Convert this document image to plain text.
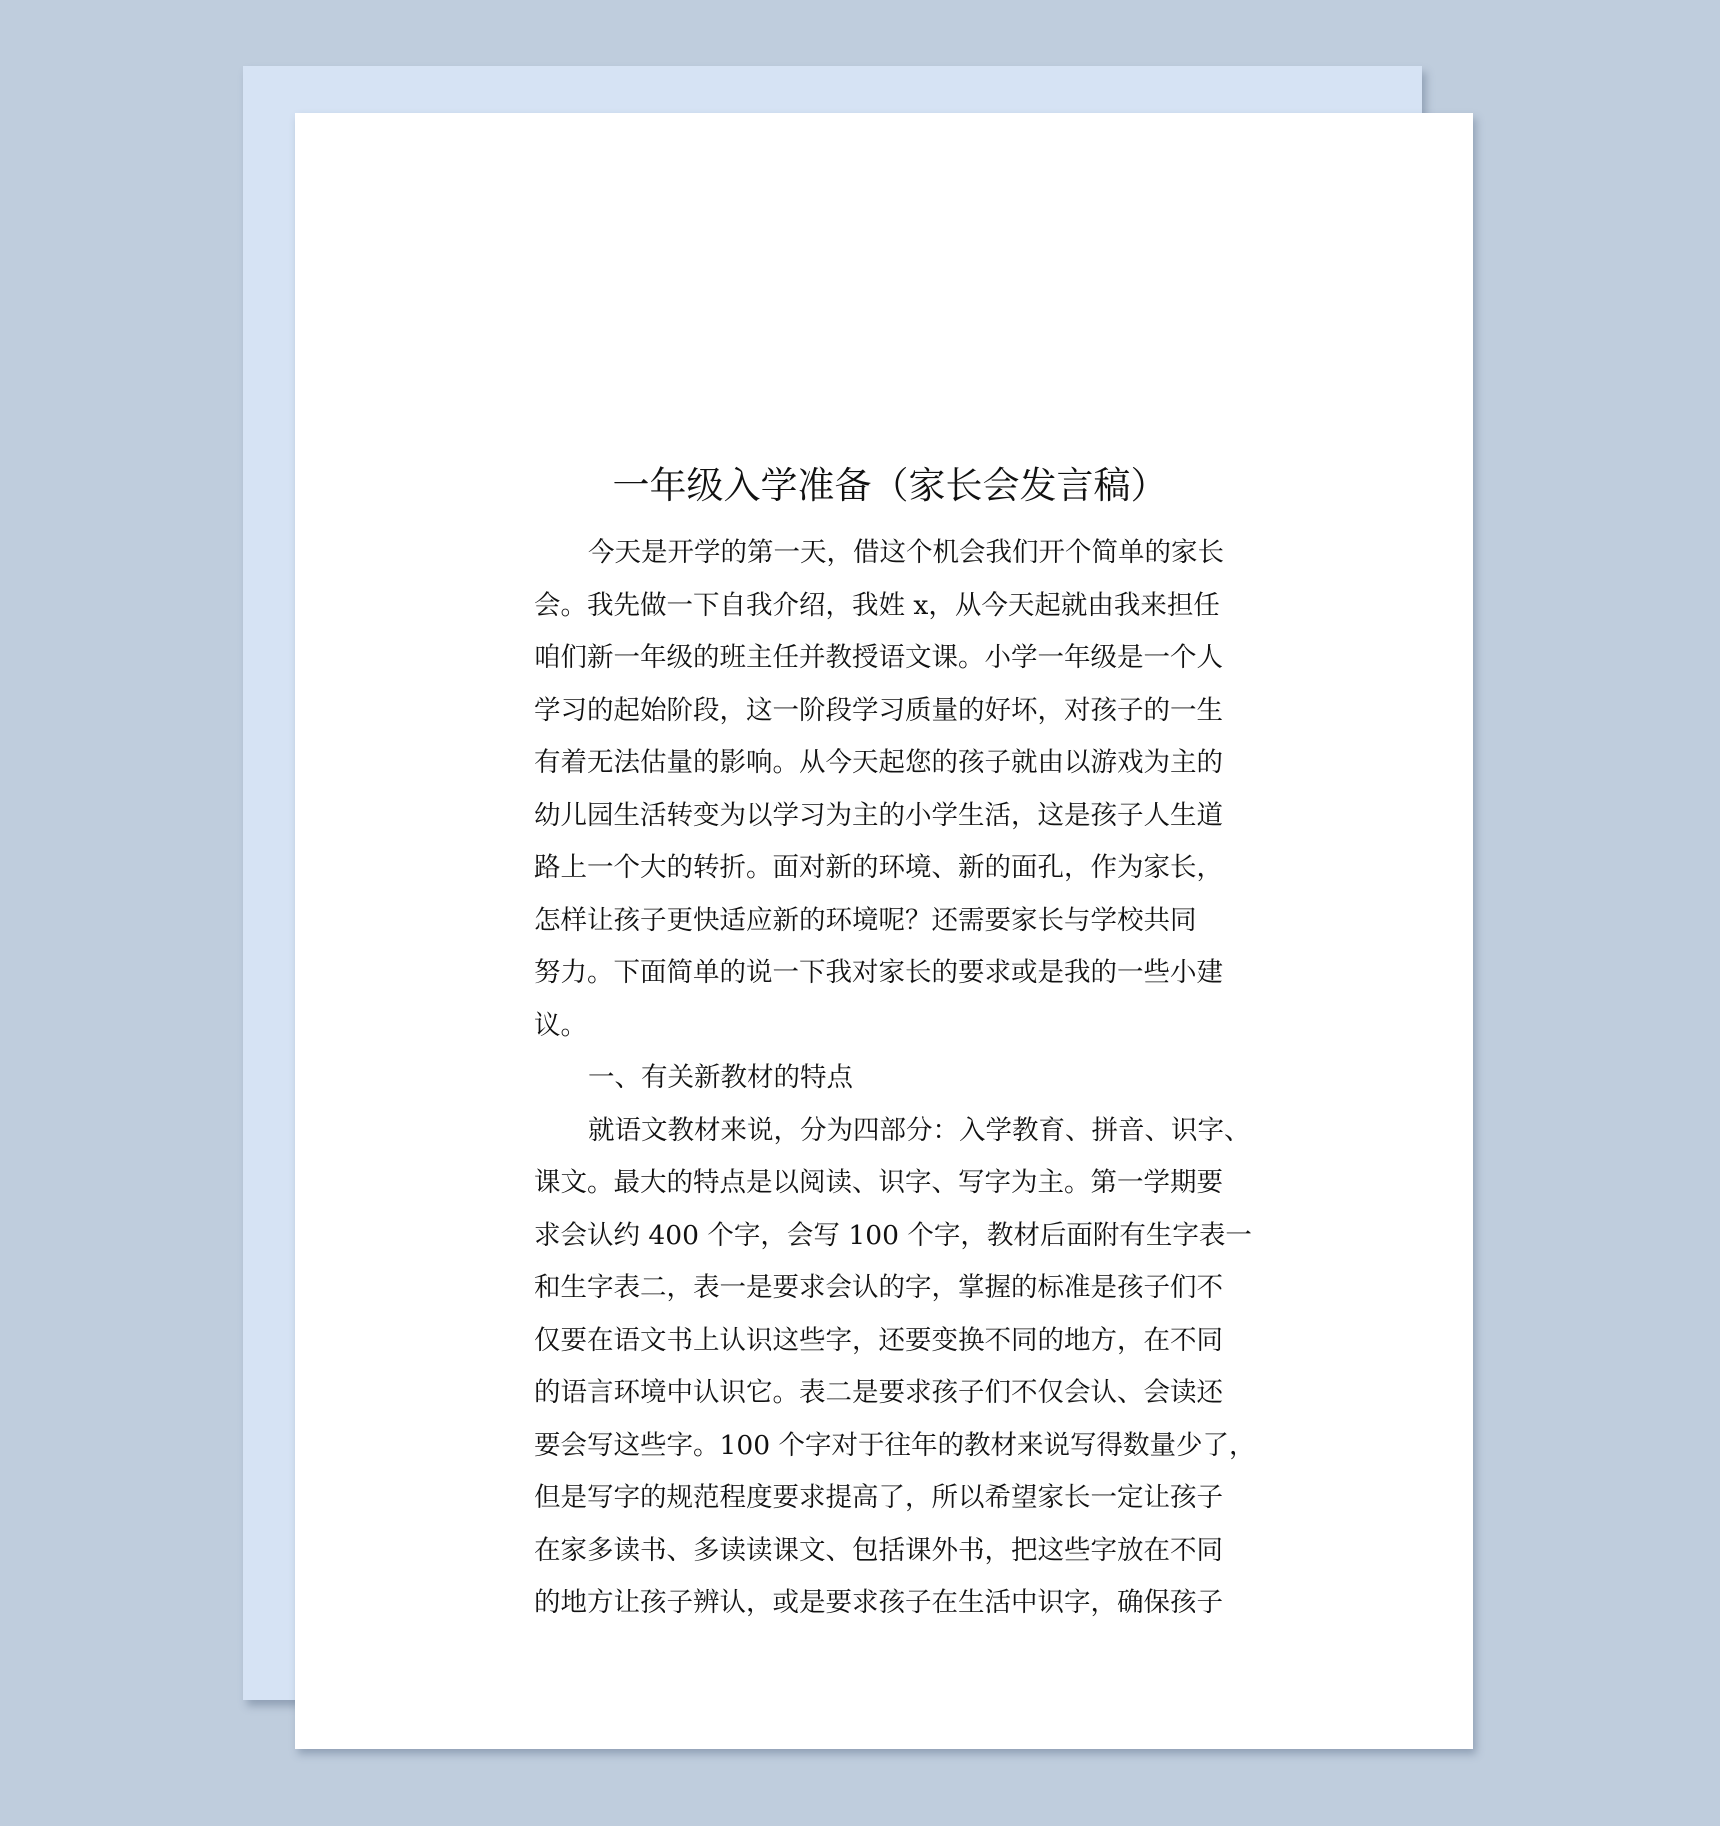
一年级入学准备（家长会发言稿）
今天是开学的第一天，借这个机会我们开个简单的家长
会。我先做一下自我介绍，我姓 x，从今天起就由我来担任
咱们新一年级的班主任并教授语文课。小学一年级是一个人
学习的起始阶段，这一阶段学习质量的好坏，对孩子的一生
有着无法估量的影响。从今天起您的孩子就由以游戏为主的
幼儿园生活转变为以学习为主的小学生活，这是孩子人生道
路上一个大的转折。面对新的环境、新的面孔，作为家长，
怎样让孩子更快适应新的环境呢？还需要家长与学校共同
努力。下面简单的说一下我对家长的要求或是我的一些小建
议。
一、有关新教材的特点
就语文教材来说，分为四部分：入学教育、拼音、识字、
课文。最大的特点是以阅读、识字、写字为主。第一学期要
求会认约 400 个字，会写 100 个字，教材后面附有生字表一
和生字表二，表一是要求会认的字，掌握的标准是孩子们不
仅要在语文书上认识这些字，还要变换不同的地方，在不同
的语言环境中认识它。表二是要求孩子们不仅会认、会读还
要会写这些字。100 个字对于往年的教材来说写得数量少了，
但是写字的规范程度要求提高了，所以希望家长一定让孩子
在家多读书、多读读课文、包括课外书，把这些字放在不同
的地方让孩子辨认，或是要求孩子在生活中识字，确保孩子
